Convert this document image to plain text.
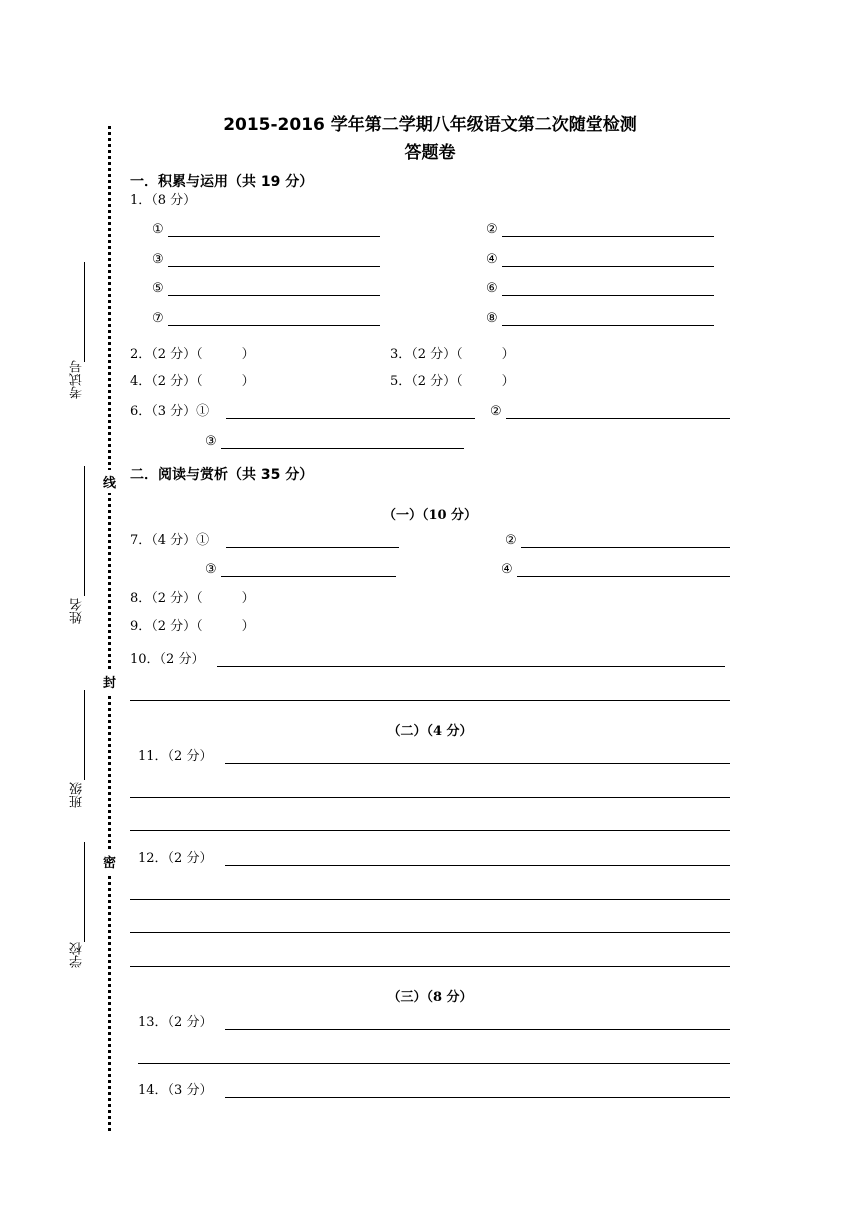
2015-2016 学年第二学期八年级语文第二次随堂检测
答题卷
线
封
密
考试号
姓名
班级
学校
一．积累与运用（共 19 分）
1．（8 分）
①	②
③	④
⑤	⑥
⑦	⑧
2．（2 分）（　　　）	3．（2 分）（　　　）
4．（2 分）（　　　）	5．（2 分）（　　　）
6．（3 分）①	②
③
二．阅读与赏析（共 35 分）
（一）（10 分）
7．（4 分）①	②
③	④
8．（2 分）（　　　）
9．（2 分）（　　　）
10．（2 分）
（二）（4 分）
11．（2 分）
12．（2 分）
（三）（8 分）
13．（2 分）
14．（3 分）
